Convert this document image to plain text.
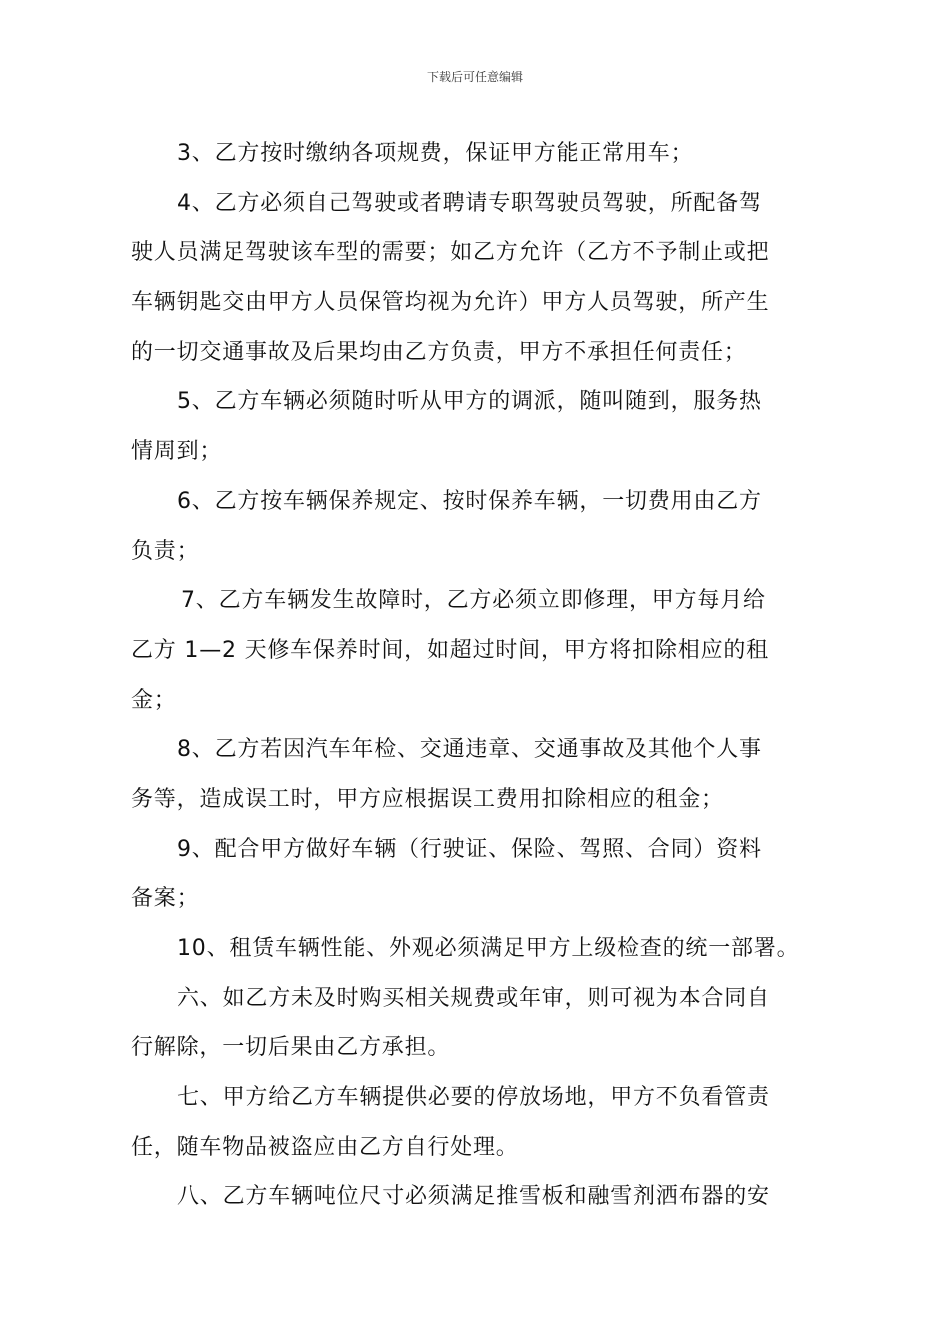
下载后可任意编辑
3、乙方按时缴纳各项规费，保证甲方能正常用车；
4、乙方必须自己驾驶或者聘请专职驾驶员驾驶，所配备驾
驶人员满足驾驶该车型的需要；如乙方允许（乙方不予制止或把
车辆钥匙交由甲方人员保管均视为允许）甲方人员驾驶，所产生
的一切交通事故及后果均由乙方负责，甲方不承担任何责任；
5、乙方车辆必须随时听从甲方的调派，随叫随到，服务热
情周到；
6、乙方按车辆保养规定、按时保养车辆，一切费用由乙方
负责；
7、乙方车辆发生故障时，乙方必须立即修理，甲方每月给
乙方 1—2 天修车保养时间，如超过时间，甲方将扣除相应的租
金；
8、乙方若因汽车年检、交通违章、交通事故及其他个人事
务等，造成误工时，甲方应根据误工费用扣除相应的租金；
9、配合甲方做好车辆（行驶证、保险、驾照、合同）资料
备案；
10、租赁车辆性能、外观必须满足甲方上级检查的统一部署。
六、如乙方未及时购买相关规费或年审，则可视为本合同自
行解除，一切后果由乙方承担。
七、甲方给乙方车辆提供必要的停放场地，甲方不负看管责
任，随车物品被盗应由乙方自行处理。
八、乙方车辆吨位尺寸必须满足推雪板和融雪剂洒布器的安
